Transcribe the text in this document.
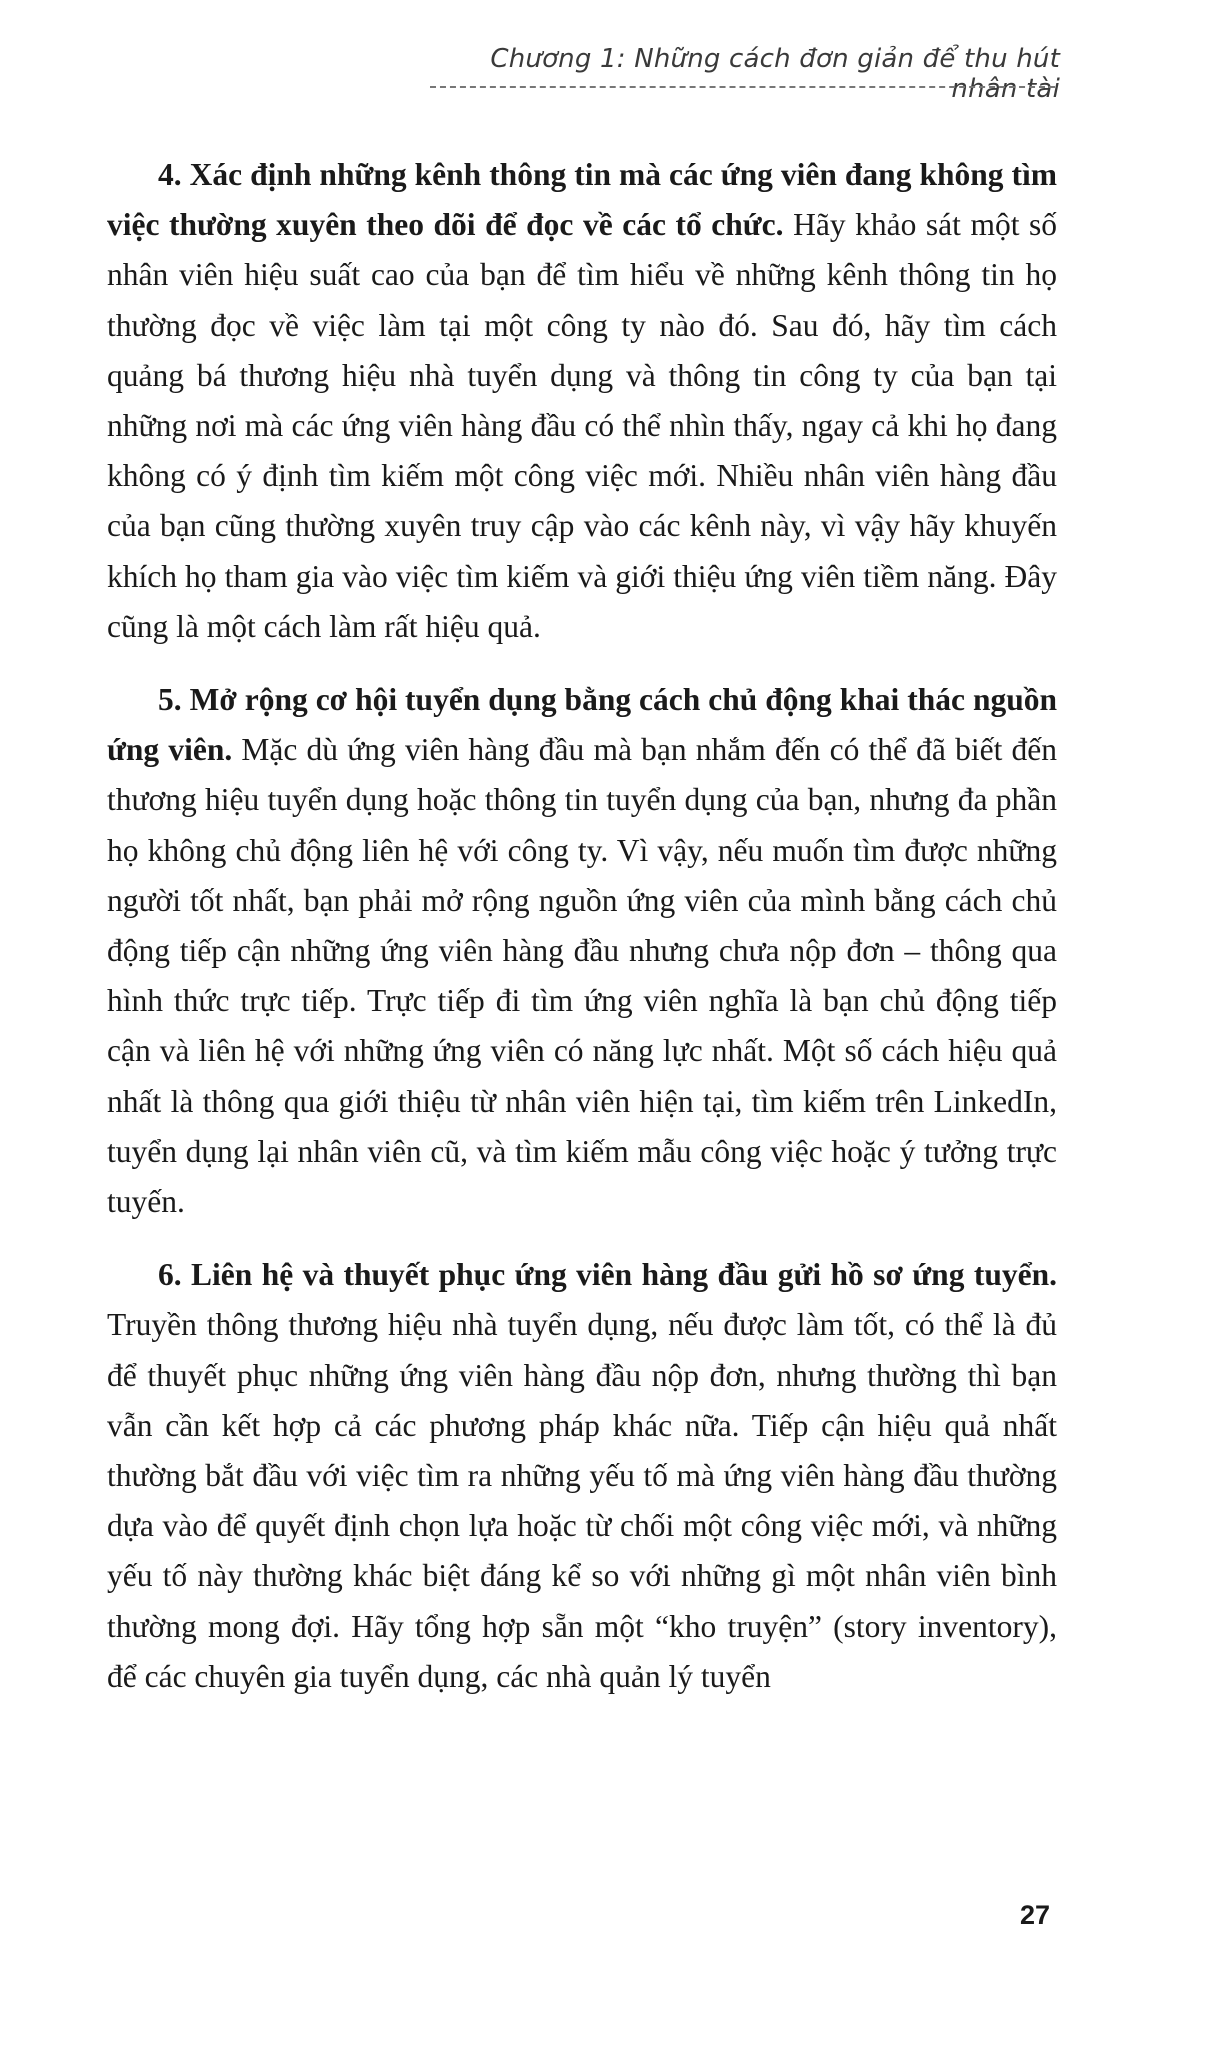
Chương 1: Những cách đơn giản để thu hút nhân tài

4. Xác định những kênh thông tin mà các ứng viên đang không tìm việc thường xuyên theo dõi để đọc về các tổ chức. Hãy khảo sát một số nhân viên hiệu suất cao của bạn để tìm hiểu về những kênh thông tin họ thường đọc về việc làm tại một công ty nào đó. Sau đó, hãy tìm cách quảng bá thương hiệu nhà tuyển dụng và thông tin công ty của bạn tại những nơi mà các ứng viên hàng đầu có thể nhìn thấy, ngay cả khi họ đang không có ý định tìm kiếm một công việc mới. Nhiều nhân viên hàng đầu của bạn cũng thường xuyên truy cập vào các kênh này, vì vậy hãy khuyến khích họ tham gia vào việc tìm kiếm và giới thiệu ứng viên tiềm năng. Đây cũng là một cách làm rất hiệu quả.

5. Mở rộng cơ hội tuyển dụng bằng cách chủ động khai thác nguồn ứng viên. Mặc dù ứng viên hàng đầu mà bạn nhắm đến có thể đã biết đến thương hiệu tuyển dụng hoặc thông tin tuyển dụng của bạn, nhưng đa phần họ không chủ động liên hệ với công ty. Vì vậy, nếu muốn tìm được những người tốt nhất, bạn phải mở rộng nguồn ứng viên của mình bằng cách chủ động tiếp cận những ứng viên hàng đầu nhưng chưa nộp đơn – thông qua hình thức trực tiếp. Trực tiếp đi tìm ứng viên nghĩa là bạn chủ động tiếp cận và liên hệ với những ứng viên có năng lực nhất. Một số cách hiệu quả nhất là thông qua giới thiệu từ nhân viên hiện tại, tìm kiếm trên LinkedIn, tuyển dụng lại nhân viên cũ, và tìm kiếm mẫu công việc hoặc ý tưởng trực tuyến.

6. Liên hệ và thuyết phục ứng viên hàng đầu gửi hồ sơ ứng tuyển. Truyền thông thương hiệu nhà tuyển dụng, nếu được làm tốt, có thể là đủ để thuyết phục những ứng viên hàng đầu nộp đơn, nhưng thường thì bạn vẫn cần kết hợp cả các phương pháp khác nữa. Tiếp cận hiệu quả nhất thường bắt đầu với việc tìm ra những yếu tố mà ứng viên hàng đầu thường dựa vào để quyết định chọn lựa hoặc từ chối một công việc mới, và những yếu tố này thường khác biệt đáng kể so với những gì một nhân viên bình thường mong đợi. Hãy tổng hợp sẵn một “kho truyện” (story inventory), để các chuyên gia tuyển dụng, các nhà quản lý tuyển

27
